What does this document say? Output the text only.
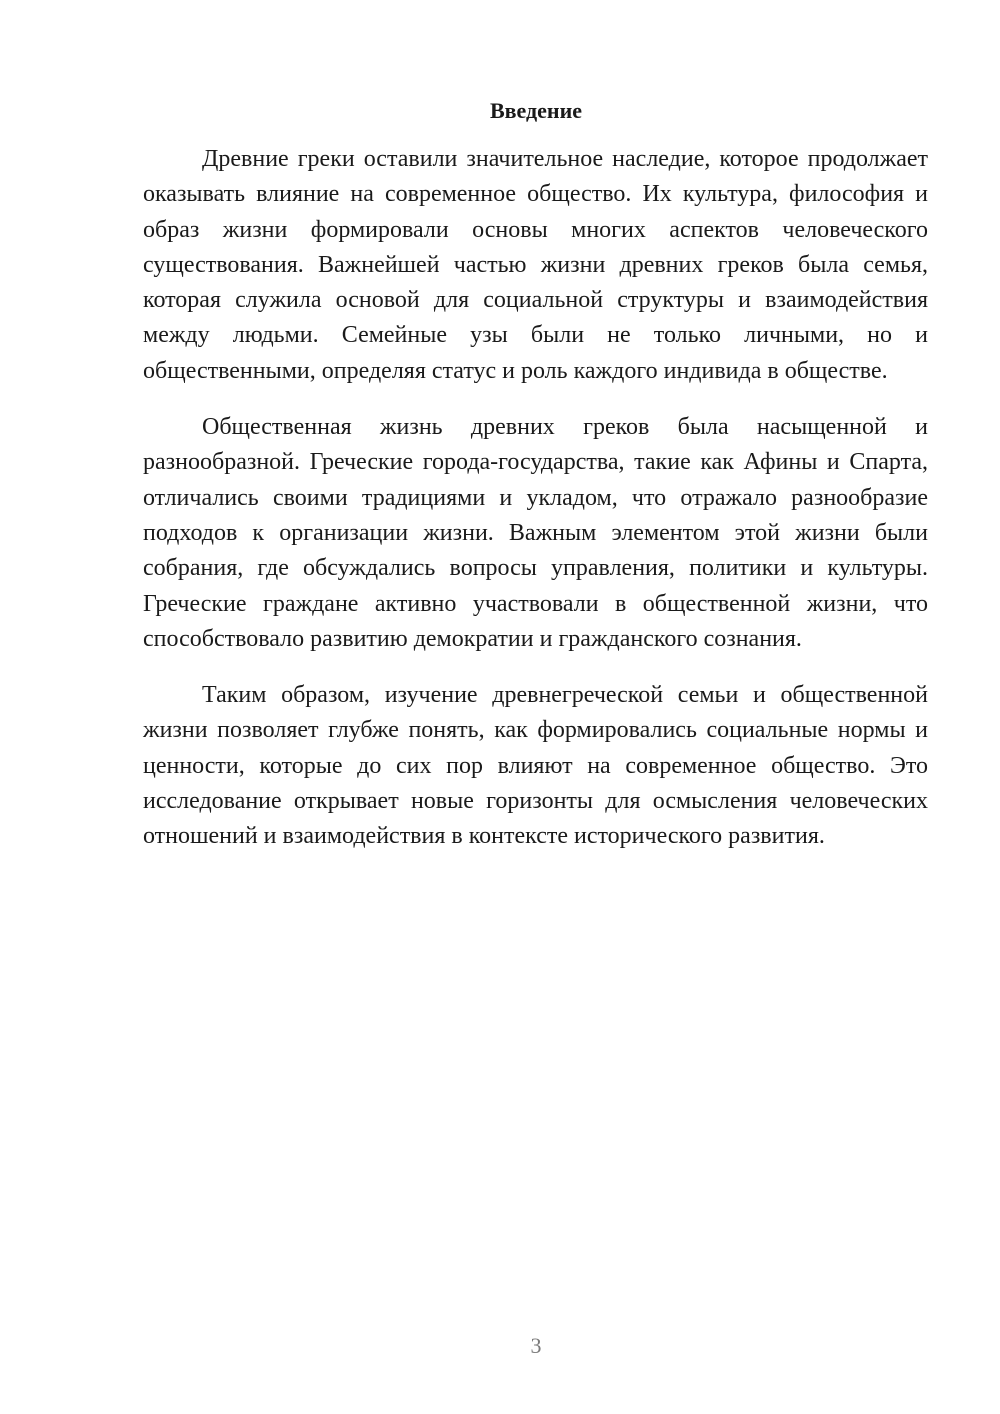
Введение

Древние греки оставили значительное наследие, которое продолжает оказывать влияние на современное общество. Их культура, философия и образ жизни формировали основы многих аспектов человеческого существования. Важнейшей частью жизни древних греков была семья, которая служила основой для социальной структуры и взаимодействия между людьми. Семейные узы были не только личными, но и общественными, определяя статус и роль каждого индивида в обществе.

Общественная жизнь древних греков была насыщенной и разнообразной. Греческие города-государства, такие как Афины и Спарта, отличались своими традициями и укладом, что отражало разнообразие подходов к организации жизни. Важным элементом этой жизни были собрания, где обсуждались вопросы управления, политики и культуры. Греческие граждане активно участвовали в общественной жизни, что способствовало развитию демократии и гражданского сознания.

Таким образом, изучение древнегреческой семьи и общественной жизни позволяет глубже понять, как формировались социальные нормы и ценности, которые до сих пор влияют на современное общество. Это исследование открывает новые горизонты для осмысления человеческих отношений и взаимодействия в контексте исторического развития.

3
